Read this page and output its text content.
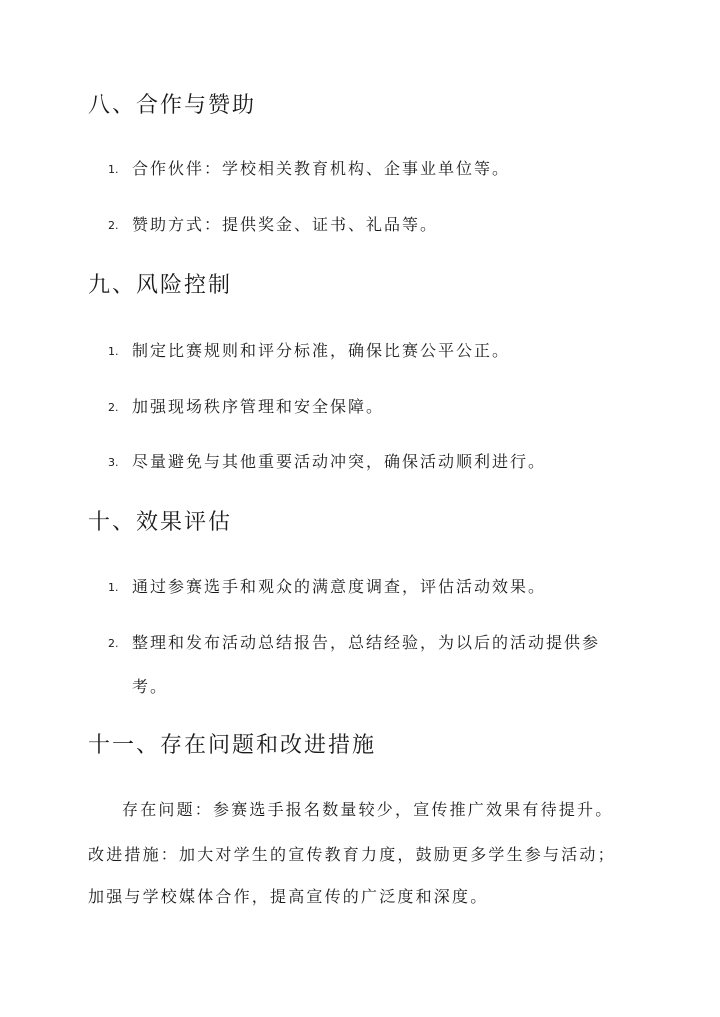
八、合作与赞助
1. 合作伙伴：学校相关教育机构、企事业单位等。
2. 赞助方式：提供奖金、证书、礼品等。
九、风险控制
1. 制定比赛规则和评分标准，确保比赛公平公正。
2. 加强现场秩序管理和安全保障。
3. 尽量避免与其他重要活动冲突，确保活动顺利进行。
十、效果评估
1. 通过参赛选手和观众的满意度调查，评估活动效果。
2. 整理和发布活动总结报告，总结经验，为以后的活动提供参
考。
十一、存在问题和改进措施
存在问题：参赛选手报名数量较少，宣传推广效果有待提升。
改进措施：加大对学生的宣传教育力度，鼓励更多学生参与活动；
加强与学校媒体合作，提高宣传的广泛度和深度。
